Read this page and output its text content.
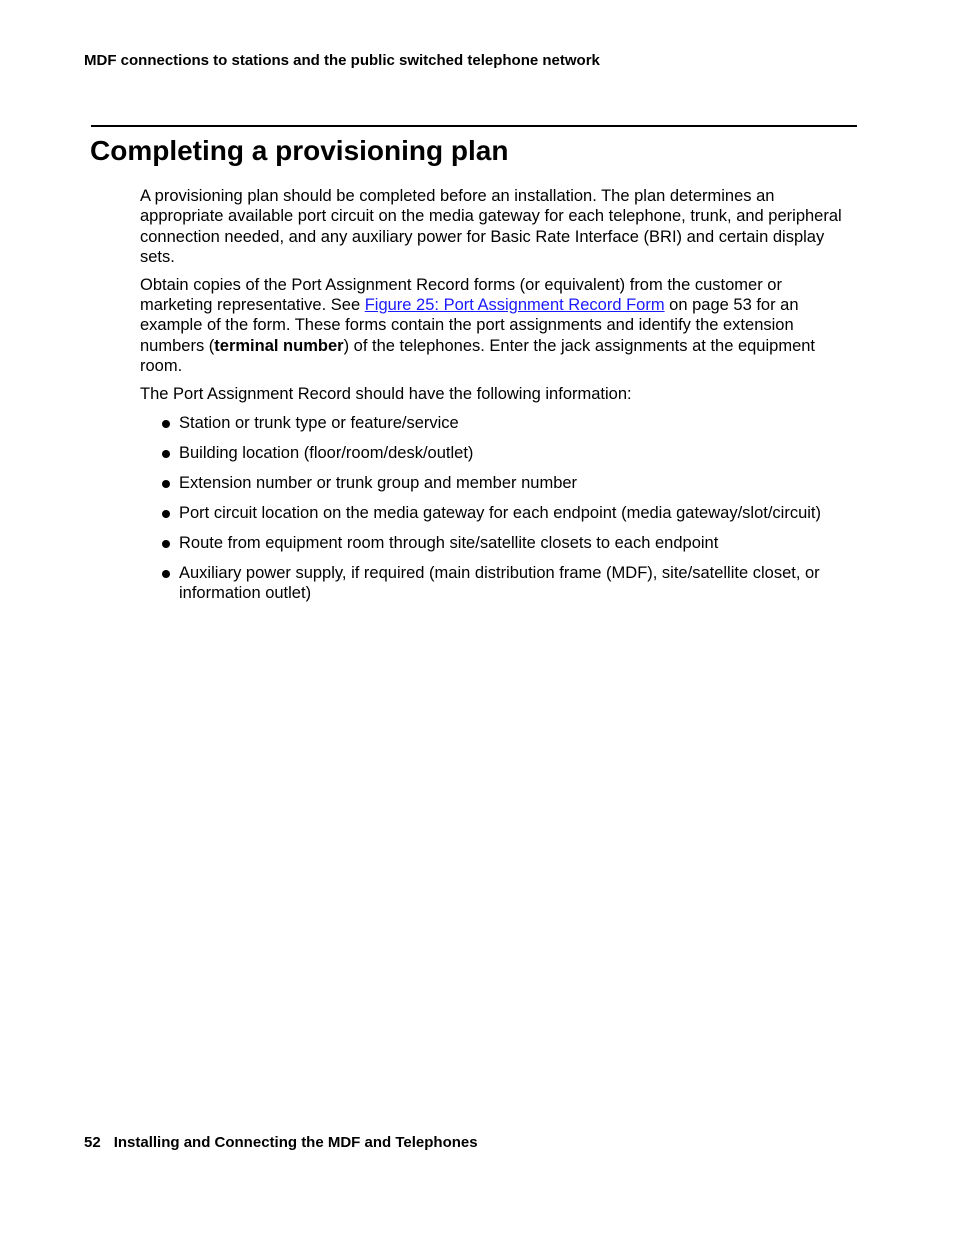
MDF connections to stations and the public switched telephone network
Completing a provisioning plan

A provisioning plan should be completed before an installation. The plan determines an appropriate available port circuit on the media gateway for each telephone, trunk, and peripheral connection needed, and any auxiliary power for Basic Rate Interface (BRI) and certain display sets.

Obtain copies of the Port Assignment Record forms (or equivalent) from the customer or marketing representative. See Figure 25: Port Assignment Record Form on page 53 for an example of the form. These forms contain the port assignments and identify the extension numbers (terminal number) of the telephones. Enter the jack assignments at the equipment room.

The Port Assignment Record should have the following information:

Station or trunk type or feature/service
Building location (floor/room/desk/outlet)
Extension number or trunk group and member number
Port circuit location on the media gateway for each endpoint (media gateway/slot/circuit)
Route from equipment room through site/satellite closets to each endpoint
Auxiliary power supply, if required (main distribution frame (MDF), site/satellite closet, or information outlet)
52 Installing and Connecting the MDF and Telephones
